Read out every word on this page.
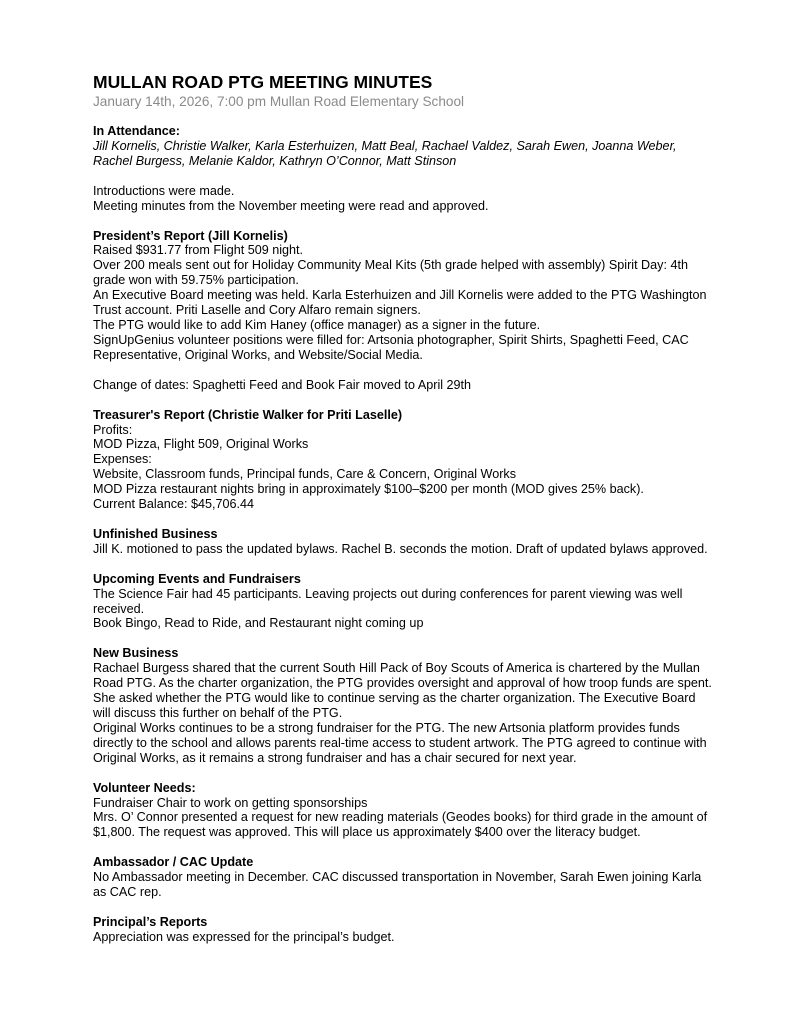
MULLAN ROAD PTG MEETING MINUTES

January 14th, 2026, 7:00 pm Mullan Road Elementary School

In Attendance:

Jill Kornelis, Christie Walker, Karla Esterhuizen, Matt Beal, Rachael Valdez, Sarah Ewen, Joanna Weber, Rachel Burgess, Melanie Kaldor, Kathryn O’Connor, Matt Stinson

Introductions were made.

Meeting minutes from the November meeting were read and approved.

President’s Report (Jill Kornelis)

Raised $931.77 from Flight 509 night.

Over 200 meals sent out for Holiday Community Meal Kits (5th grade helped with assembly) Spirit Day: 4th grade won with 59.75% participation.

An Executive Board meeting was held. Karla Esterhuizen and Jill Kornelis were added to the PTG Washington Trust account. Priti Laselle and Cory Alfaro remain signers.

The PTG would like to add Kim Haney (office manager) as a signer in the future.

SignUpGenius volunteer positions were filled for: Artsonia photographer, Spirit Shirts, Spaghetti Feed, CAC Representative, Original Works, and Website/Social Media.

Change of dates: Spaghetti Feed and Book Fair moved to April 29th

Treasurer's Report (Christie Walker for Priti Laselle)

Profits:

MOD Pizza, Flight 509, Original Works

Expenses:

Website, Classroom funds, Principal funds, Care & Concern, Original Works

MOD Pizza restaurant nights bring in approximately $100–$200 per month (MOD gives 25% back).

Current Balance: $45,706.44

Unfinished Business

Jill K. motioned to pass the updated bylaws. Rachel B. seconds the motion. Draft of updated bylaws approved.

Upcoming Events and Fundraisers

The Science Fair had 45 participants. Leaving projects out during conferences for parent viewing was well received.

Book Bingo, Read to Ride, and Restaurant night coming up

New Business

Rachael Burgess shared that the current South Hill Pack of Boy Scouts of America is chartered by the Mullan Road PTG. As the charter organization, the PTG provides oversight and approval of how troop funds are spent. She asked whether the PTG would like to continue serving as the charter organization. The Executive Board will discuss this further on behalf of the PTG.

Original Works continues to be a strong fundraiser for the PTG. The new Artsonia platform provides funds directly to the school and allows parents real-time access to student artwork. The PTG agreed to continue with Original Works, as it remains a strong fundraiser and has a chair secured for next year.

Volunteer Needs:

Fundraiser Chair to work on getting sponsorships

Mrs. O’ Connor presented a request for new reading materials (Geodes books) for third grade in the amount of $1,800. The request was approved. This will place us approximately $400 over the literacy budget.

Ambassador / CAC Update

No Ambassador meeting in December. CAC discussed transportation in November, Sarah Ewen joining Karla as CAC rep.

Principal’s Reports

Appreciation was expressed for the principal’s budget.
